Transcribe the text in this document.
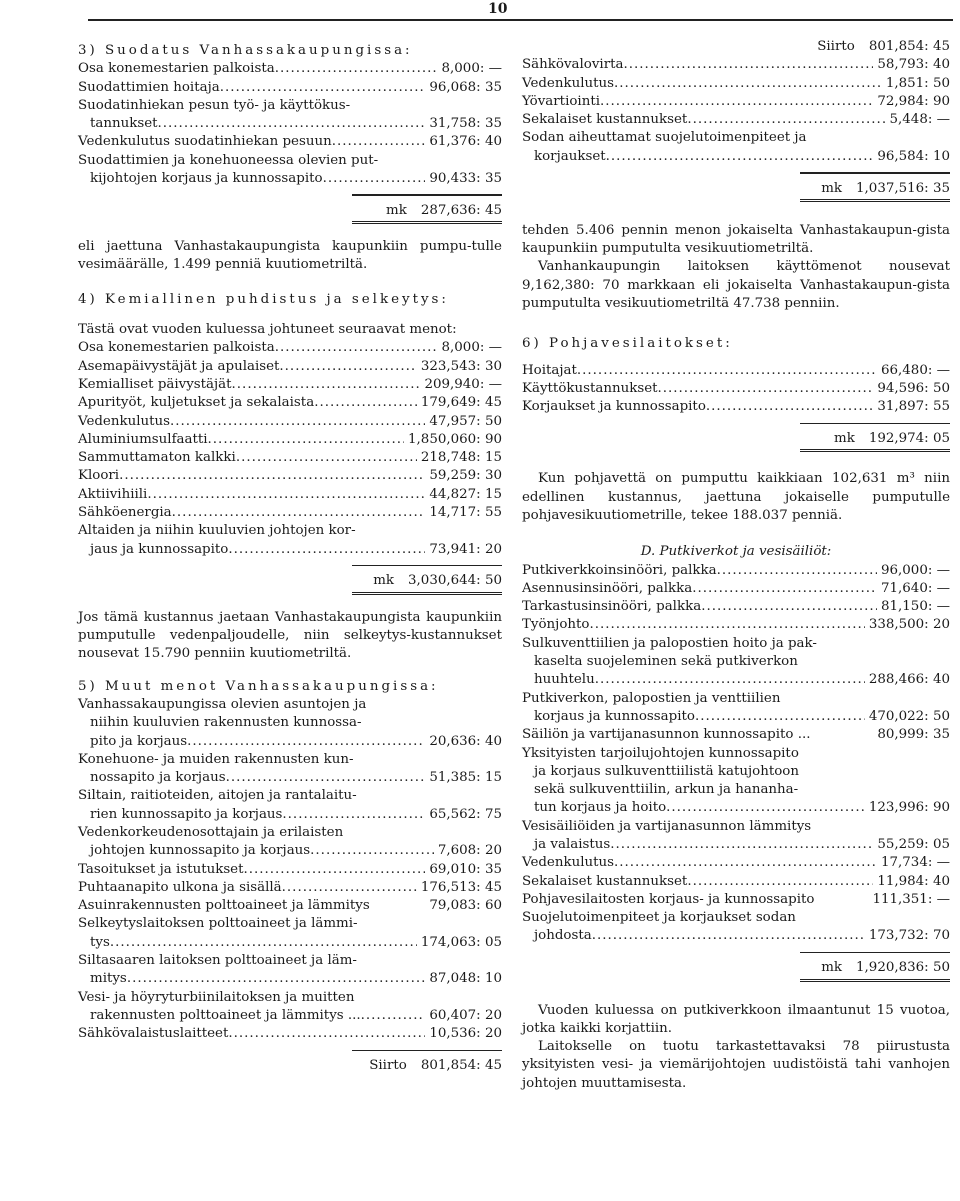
10
3) Suodatus Vanhassakaupungissa:
Osa konemestarien palkoista .....	8,000: —
Suodattimien hoitaja .....	96,068: 35
Suodatinhiekan pesun työ- ja käyttökus-
tannukset .....	31,758: 35
Vedenkulutus suodatinhiekan pesuun .....	61,376: 40
Suodattimien ja konehuoneessa olevien put-
kijohtojen korjaus ja kunnossapito .....	90,433: 35
mk 287,636: 45
eli jaettuna Vanhastakaupungista kaupunkiin pumpu-tulle vesimäärälle, 1.499 penniä kuutiometriltä.
4) Kemiallinen puhdistus ja selkeytys:
Tästä ovat vuoden kuluessa johtuneet seuraavat menot:
Osa konemestarien palkoista .....	8,000: —
Asemapäivystäjät ja apulaiset .....	323,543: 30
Kemialliset päivystäjät .....	209,940: —
Apurityöt, kuljetukset ja sekalaista .....	179,649: 45
Vedenkulutus .....	47,957: 50
Aluminiumsulfaatti .....	1,850,060: 90
Sammuttamaton kalkki .....	218,748: 15
Kloori .....	59,259: 30
Aktiivihiili .....	44,827: 15
Sähköenergia .....	14,717: 55
Altaiden ja niihin kuuluvien johtojen kor-
jaus ja kunnossapito .....	73,941: 20
mk 3,030,644: 50
Jos tämä kustannus jaetaan Vanhastakaupungista kaupunkiin pumputulle vedenpaljoudelle, niin selkeytys-kustannukset nousevat 15.790 penniin kuutiometriltä.
5) Muut menot Vanhassakaupungissa:
Vanhassakaupungissa olevien asuntojen ja
niihin kuuluvien rakennusten kunnossa-
pito ja korjaus .....	20,636: 40
Konehuone- ja muiden rakennusten kun-
nossapito ja korjaus .....	51,385: 15
Siltain, raitioteiden, aitojen ja rantalaitu-
rien kunnossapito ja korjaus .....	65,562: 75
Vedenkorkeudenosottajain ja erilaisten
johtojen kunnossapito ja korjaus .....	7,608: 20
Tasoitukset ja istutukset .....	69,010: 35
Puhtaanapito ulkona ja sisällä .....	176,513: 45
Asuinrakennusten polttoaineet ja lämmitys	79,083: 60
Selkeytyslaitoksen polttoaineet ja lämmi-
tys .....	174,063: 05
Siltasaaren laitoksen polttoaineet ja läm-
mitys .....	87,048: 10
Vesi- ja höyryturbiinilaitoksen ja muitten
rakennusten polttoaineet ja lämmitys ... .....	60,407: 20
Sähkövalaistuslaitteet .....	10,536: 20
Siirto 801,854: 45
Siirto 801,854: 45
Sähkövalovirta .....	58,793: 40
Vedenkulutus .....	1,851: 50
Yövartiointi .....	72,984: 90
Sekalaiset kustannukset .....	5,448: —
Sodan aiheuttamat suojelutoimenpiteet ja
korjaukset .....	96,584: 10
mk 1,037,516: 35
tehden 5.406 pennin menon jokaiselta Vanhastakaupun-gista kaupunkiin pumputulta vesikuutiometriltä.
Vanhankaupungin laitoksen käyttömenot nousevat 9,162,380: 70 markkaan eli jokaiselta Vanhastakaupun-gista pumputulta vesikuutiometriltä 47.738 penniin.
6) Pohjavesilaitokset:
Hoitajat .....	66,480: —
Käyttökustannukset .....	94,596: 50
Korjaukset ja kunnossapito .....	31,897: 55
mk 192,974: 05
Kun pohjavettä on pumputtu kaikkiaan 102,631 m³ niin edellinen kustannus, jaettuna jokaiselle pumputulle pohjavesikuutiometrille, tekee 188.037 penniä.
D. Putkiverkot ja vesisäiliöt:
Putkiverkkoinsinööri, palkka .....	96,000: —
Asennusinsinööri, palkka .....	71,640: —
Tarkastusinsinööri, palkka .....	81,150: —
Työnjohto .....	338,500: 20
Sulkuventtiilien ja palopostien hoito ja pak-
kaselta suojeleminen sekä putkiverkon
huuhtelu .....	288,466: 40
Putkiverkon, palopostien ja venttiilien
korjaus ja kunnossapito .....	470,022: 50
Säiliön ja vartijanasunnon kunnossapito ...	80,999: 35
Yksityisten tarjoilujohtojen kunnossapito
ja korjaus sulkuventtiilistä katujohtoon
sekä sulkuventtiilin, arkun ja hananha-
tun korjaus ja hoito .....	123,996: 90
Vesisäiliöiden ja vartijanasunnon lämmitys
ja valaistus .....	55,259: 05
Vedenkulutus .....	17,734: —
Sekalaiset kustannukset .....	11,984: 40
Pohjavesilaitosten korjaus- ja kunnossapito	111,351: —
Suojelutoimenpiteet ja korjaukset sodan
johdosta .....	173,732: 70
mk 1,920,836: 50
Vuoden kuluessa on putkiverkkoon ilmaantunut 15 vuotoa, jotka kaikki korjattiin.
Laitokselle on tuotu tarkastettavaksi 78 piirustusta yksityisten vesi- ja viemärijohtojen uudistöistä tahi vanhojen johtojen muuttamisesta.
